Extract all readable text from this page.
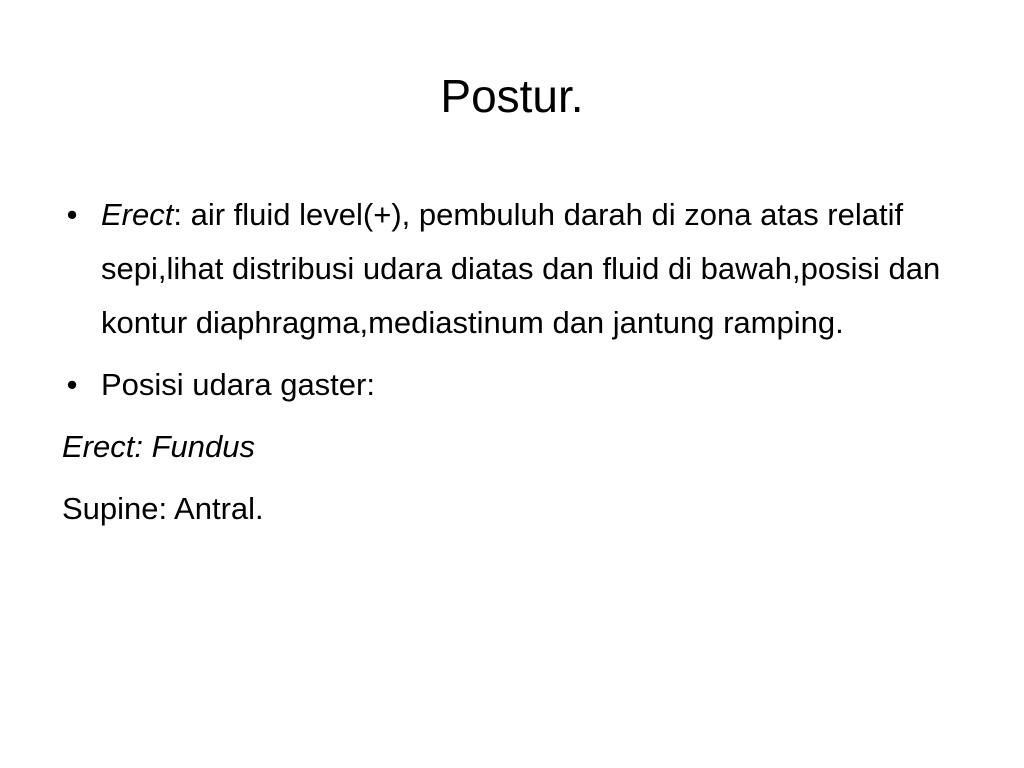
Postur.
• Erect: air fluid level(+), pembuluh darah di zona atas relatif sepi,lihat distribusi udara diatas dan fluid di bawah,posisi dan kontur diaphragma,mediastinum dan jantung ramping.
• Posisi udara gaster:

Erect: Fundus

Supine: Antral.
